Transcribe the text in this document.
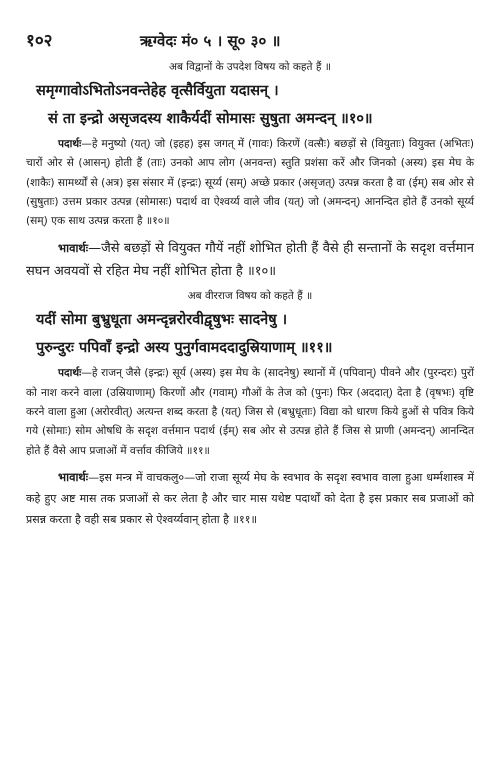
१०२	ऋग्वेदः मं० ५ । सू० ३० ॥
अब विद्वानों के उपदेश विषय को कहते हैं ॥
समृग्गावोऽभितोऽनवन्तेहेह वृत्सैर्वियुता यदासन् ।
सं ता इन्द्रो असृजदस्य शाकैर्यदीं सोमासः सुषुता अमन्दन् ॥१०॥

पदार्थः—हे मनुष्यो (यत्) जो (इहह) इस जगत् में (गावः) किरणें (वत्सैः) बछड़ों से (वियुताः) वियुक्त (अभितः) चारों ओर से (आसन्) होती हैं (ताः) उनको आप लोग (अनवन्त) स्तुति प्रशंसा करें और जिनको (अस्य) इस मेघ के (शाकैः) सामर्थ्यों से (अत्र) इस संसार में (इन्द्रः) सूर्य्य (सम्) अच्छे प्रकार (असृजत्) उत्पन्न करता है वा (ईम्) सब ओर से (सुषुताः) उत्तम प्रकार उत्पन्न (सोमासः) पदार्थ वा ऐश्वर्य्य वाले जीव (यत्) जो (अमन्दन्) आनन्दित होते हैं उनको सूर्य्य (सम्) एक साथ उत्पन्न करता है ॥१०॥

भावार्थः—जैसे बछड़ों से वियुक्त गौयें नहीं शोभित होती हैं वैसे ही सन्तानों के सदृश वर्त्तमान सघन अवयवों से रहित मेघ नहीं शोभित होता है ॥१०॥

अब वीरराज विषय को कहते हैं ॥
यदीं सोमा बुभ्रुधूता अमन्दृन्नरोरवीद्वृषुभः सादनेषु ।
पुरुन्दुरः पपिवाँ इन्द्रो अस्य पुनुर्गवामददादुस्रियाणाम् ॥११॥

पदार्थः—हे राजन् जैसे (इन्द्रः) सूर्य (अस्य) इस मेघ के (सादनेषु) स्थानों में (पपिवान्) पीवने और (पुरन्दरः) पुरों को नाश करने वाला (उस्रियाणाम्) किरणों और (गवाम्) गौओं के तेज को (पुनः) फिर (अददात्) देता है (वृषभः) वृष्टि करने वाला हुआ (अरोरवीत्) अत्यन्त शब्द करता है (यत्) जिस से (बभ्रुधूताः) विद्या को धारण किये हुओं से पवित्र किये गये (सोमाः) सोम ओषधि के सदृश वर्त्तमान पदार्थ (ईम्) सब ओर से उत्पन्न होते हैं जिस से प्राणी (अमन्दन्) आनन्दित होते हैं वैसे आप प्रजाओं में वर्त्ताव कीजिये ॥११॥

भावार्थः—इस मन्त्र में वाचकलु०—जो राजा सूर्य्य मेघ के स्वभाव के सदृश स्वभाव वाला हुआ धर्म्मशास्त्र में कहे हुए अष्ट मास तक प्रजाओं से कर लेता है और चार मास यथेष्ट पदार्थों को देता है इस प्रकार सब प्रजाओं को प्रसन्न करता है वही सब प्रकार से ऐश्वर्य्यवान् होता है ॥११॥
